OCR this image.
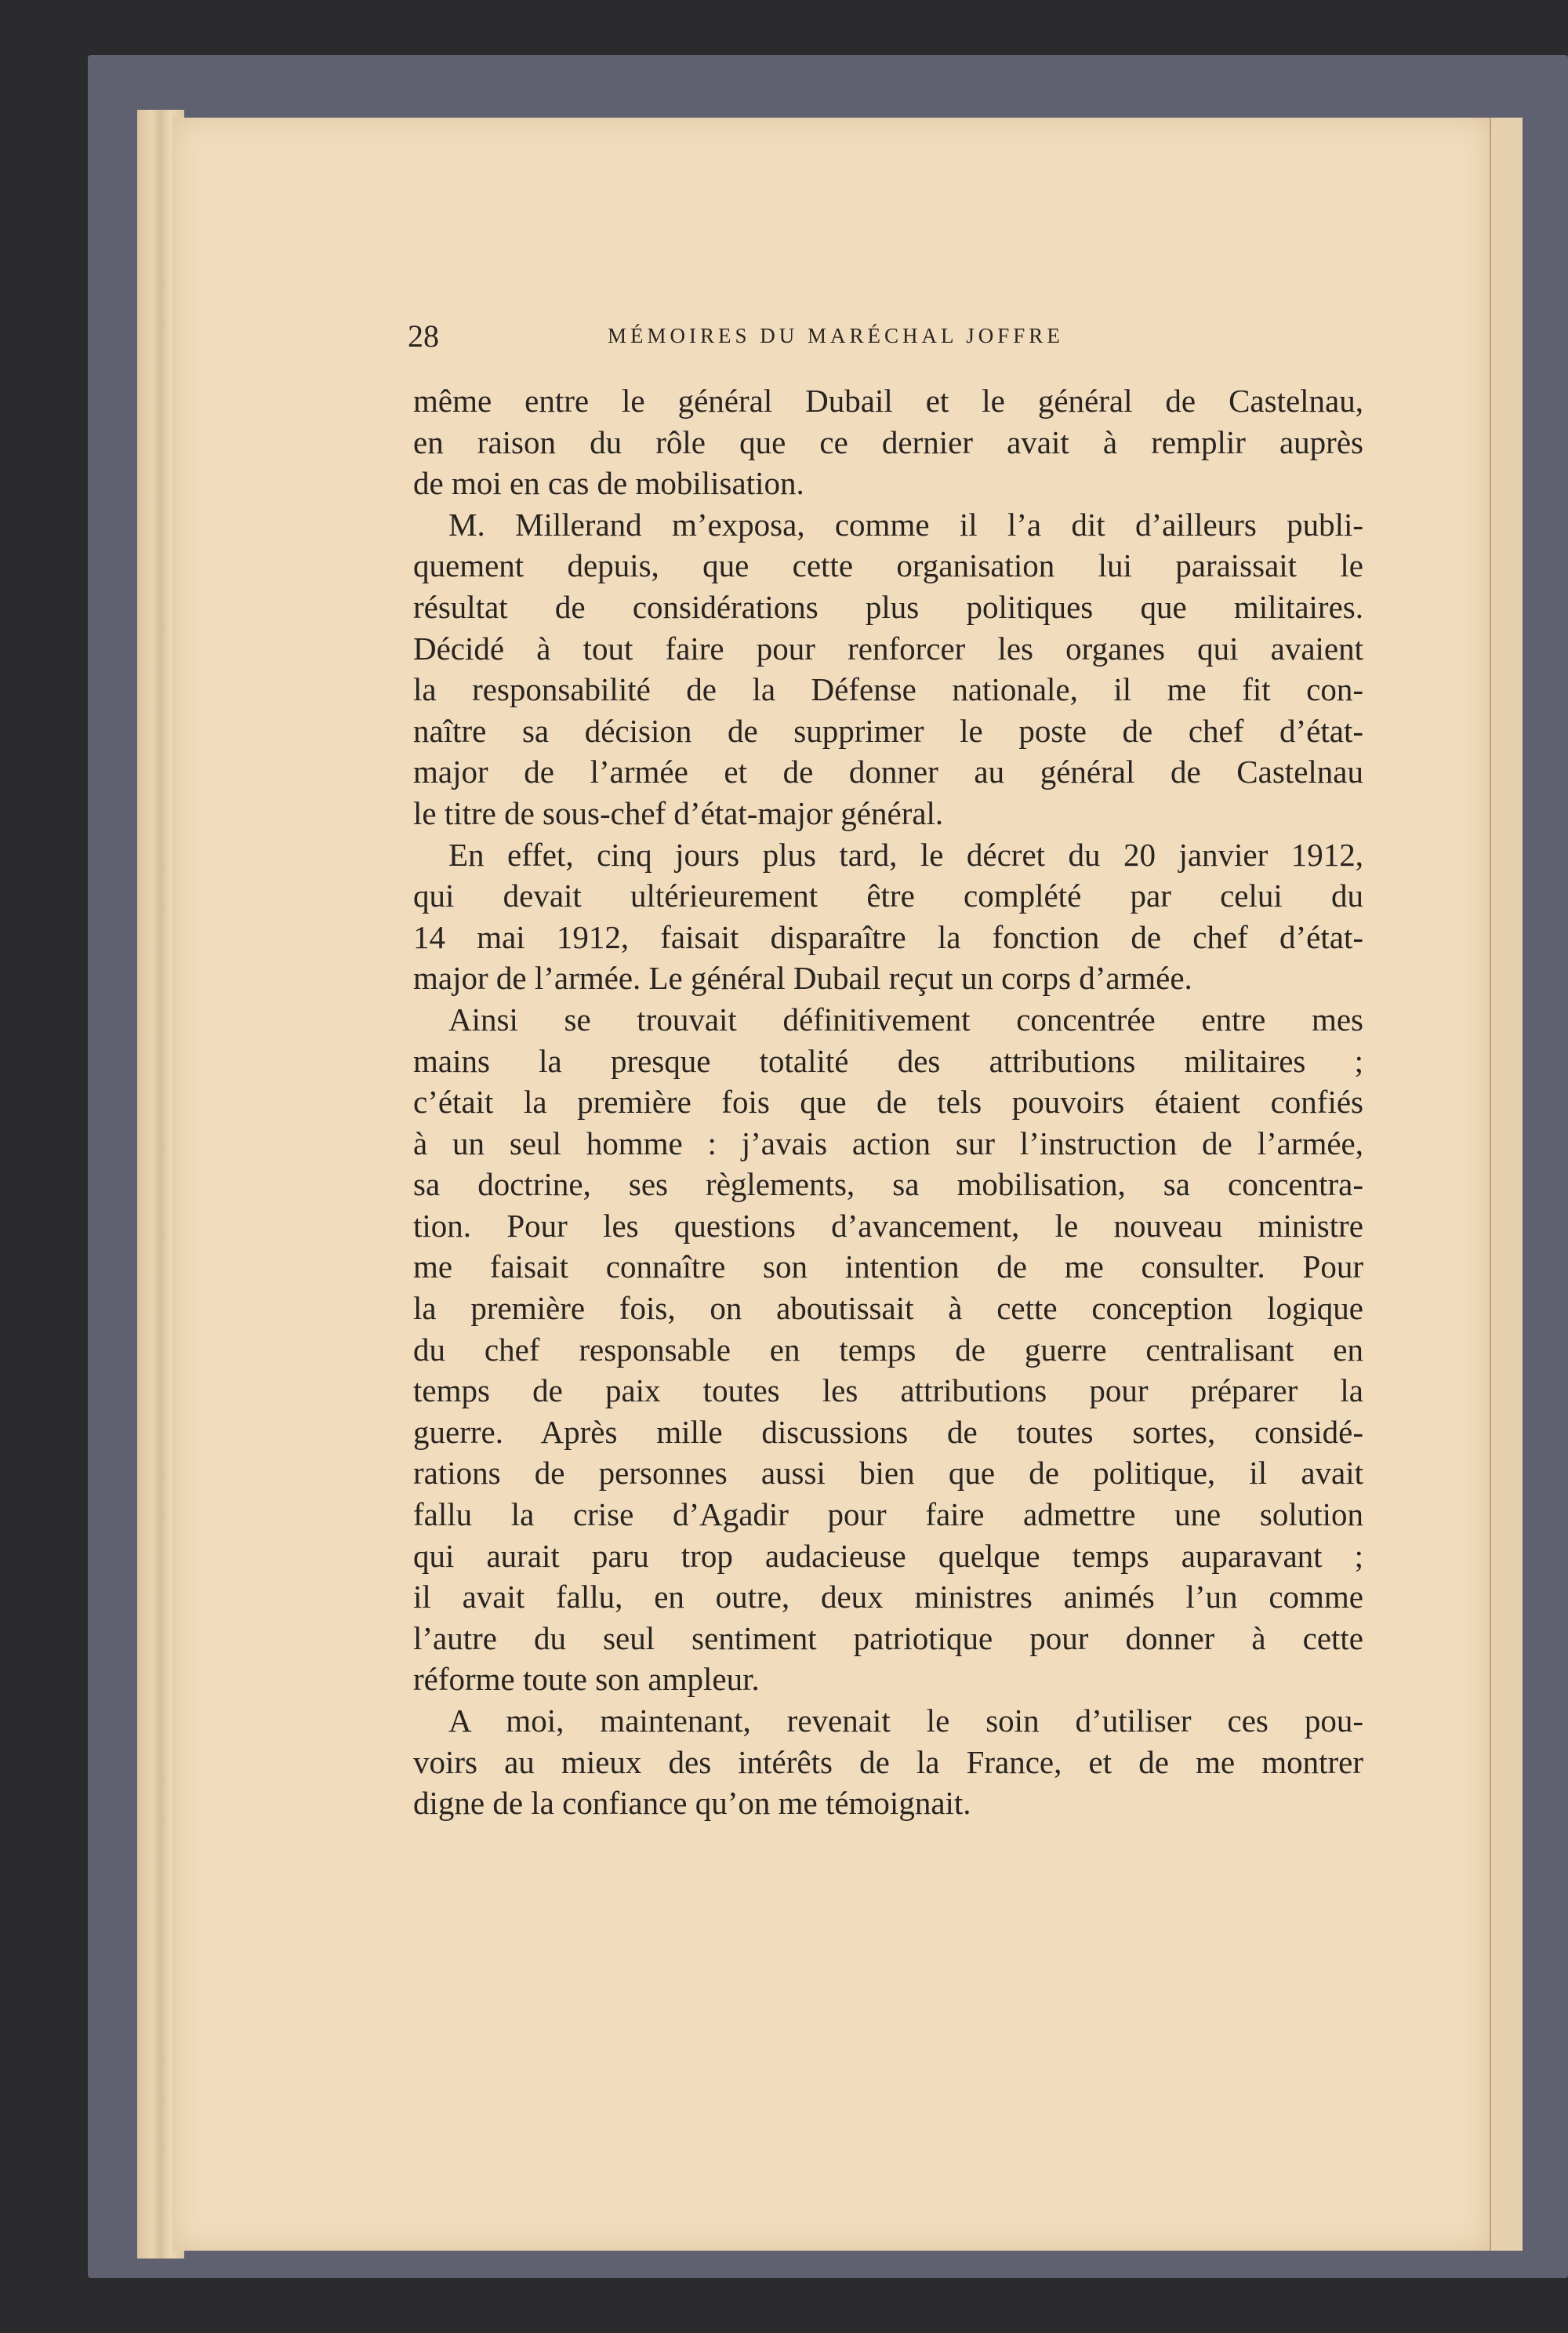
28	MÉMOIRES DU MARÉCHAL JOFFRE
même entre le général Dubail et le général de Castelnau,
en raison du rôle que ce dernier avait à remplir auprès
de moi en cas de mobilisation.
M. Millerand m’exposa, comme il l’a dit d’ailleurs publi-
quement depuis, que cette organisation lui paraissait le
résultat de considérations plus politiques que militaires.
Décidé à tout faire pour renforcer les organes qui avaient
la responsabilité de la Défense nationale, il me fit con-
naître sa décision de supprimer le poste de chef d’état-
major de l’armée et de donner au général de Castelnau
le titre de sous-chef d’état-major général.
En effet, cinq jours plus tard, le décret du 20 janvier 1912,
qui devait ultérieurement être complété par celui du
14 mai 1912, faisait disparaître la fonction de chef d’état-
major de l’armée. Le général Dubail reçut un corps d’armée.
Ainsi se trouvait définitivement concentrée entre mes
mains la presque totalité des attributions militaires ;
c’était la première fois que de tels pouvoirs étaient confiés
à un seul homme : j’avais action sur l’instruction de l’armée,
sa doctrine, ses règlements, sa mobilisation, sa concentra-
tion. Pour les questions d’avancement, le nouveau ministre
me faisait connaître son intention de me consulter. Pour
la première fois, on aboutissait à cette conception logique
du chef responsable en temps de guerre centralisant en
temps de paix toutes les attributions pour préparer la
guerre. Après mille discussions de toutes sortes, considé-
rations de personnes aussi bien que de politique, il avait
fallu la crise d’Agadir pour faire admettre une solution
qui aurait paru trop audacieuse quelque temps auparavant ;
il avait fallu, en outre, deux ministres animés l’un comme
l’autre du seul sentiment patriotique pour donner à cette
réforme toute son ampleur.
A moi, maintenant, revenait le soin d’utiliser ces pou-
voirs au mieux des intérêts de la France, et de me montrer
digne de la confiance qu’on me témoignait.
